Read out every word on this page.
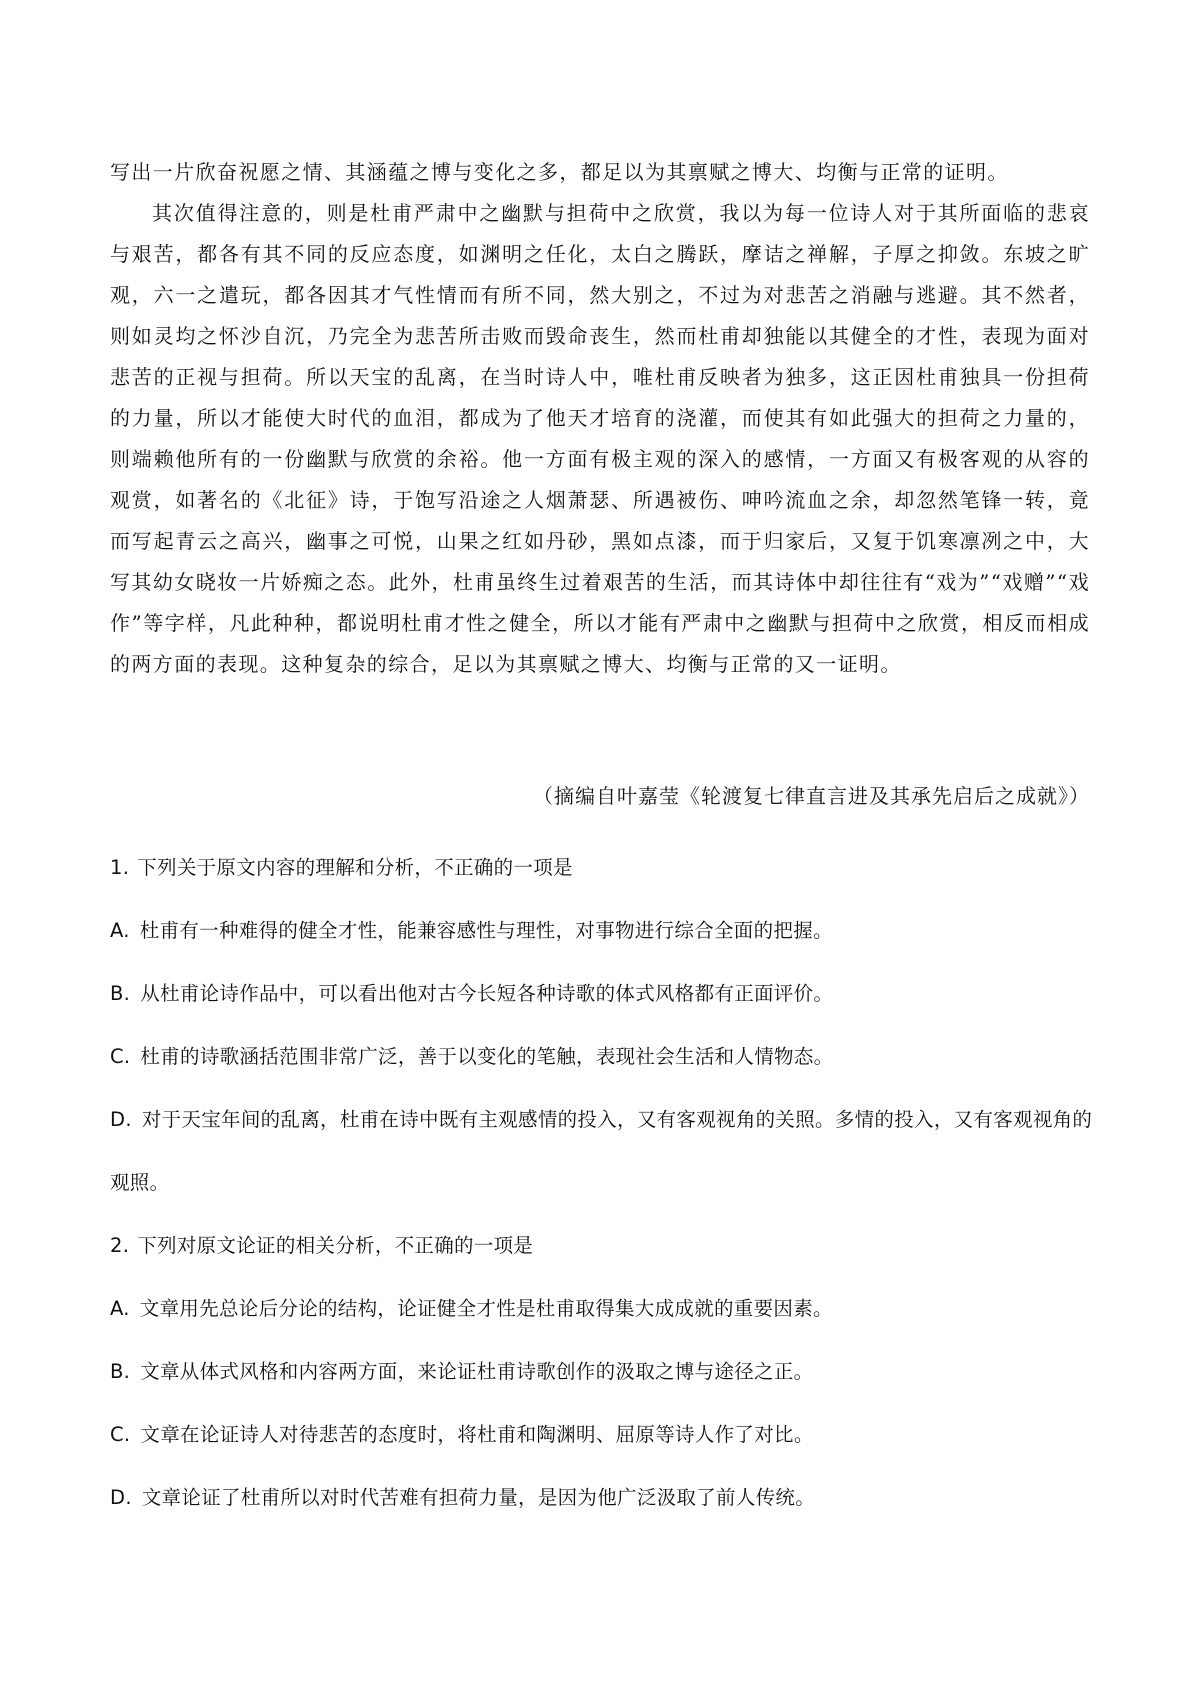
写出一片欣奋祝愿之情、其涵蕴之博与变化之多，都足以为其禀赋之博大、均衡与正常的证明。

其次值得注意的，则是杜甫严肃中之幽默与担荷中之欣赏，我以为每一位诗人对于其所面临的悲哀与艰苦，都各有其不同的反应态度，如渊明之任化，太白之腾跃，摩诘之禅解，子厚之抑敛。东坡之旷观，六一之遣玩，都各因其才气性情而有所不同，然大别之，不过为对悲苦之消融与逃避。其不然者，则如灵均之怀沙自沉，乃完全为悲苦所击败而毁命丧生，然而杜甫却独能以其健全的才性，表现为面对悲苦的正视与担荷。所以天宝的乱离，在当时诗人中，唯杜甫反映者为独多，这正因杜甫独具一份担荷的力量，所以才能使大时代的血泪，都成为了他天才培育的浇灌，而使其有如此强大的担荷之力量的，则端赖他所有的一份幽默与欣赏的余裕。他一方面有极主观的深入的感情，一方面又有极客观的从容的观赏，如著名的《北征》诗，于饱写沿途之人烟萧瑟、所遇被伤、呻吟流血之余，却忽然笔锋一转，竟而写起青云之高兴，幽事之可悦，山果之红如丹砂，黑如点漆，而于归家后，又复于饥寒凛冽之中，大写其幼女晓妆一片娇痴之态。此外，杜甫虽终生过着艰苦的生活，而其诗体中却往往有“戏为”“戏赠”“戏作”等字样，凡此种种，都说明杜甫才性之健全，所以才能有严肃中之幽默与担荷中之欣赏，相反而相成的两方面的表现。这种复杂的综合，足以为其禀赋之博大、均衡与正常的又一证明。

（摘编自叶嘉莹《轮渡复七律直言进及其承先启后之成就》）

1. 下列关于原文内容的理解和分析，不正确的一项是

A. 杜甫有一种难得的健全才性，能兼容感性与理性，对事物进行综合全面的把握。

B. 从杜甫论诗作品中，可以看出他对古今长短各种诗歌的体式风格都有正面评价。

C. 杜甫的诗歌涵括范围非常广泛，善于以变化的笔触，表现社会生活和人情物态。

D. 对于天宝年间的乱离，杜甫在诗中既有主观感情的投入，又有客观视角的关照。多情的投入，又有客观视角的观照。

2. 下列对原文论证的相关分析，不正确的一项是

A. 文章用先总论后分论的结构，论证健全才性是杜甫取得集大成成就的重要因素。

B. 文章从体式风格和内容两方面，来论证杜甫诗歌创作的汲取之博与途径之正。

C. 文章在论证诗人对待悲苦的态度时，将杜甫和陶渊明、屈原等诗人作了对比。

D. 文章论证了杜甫所以对时代苦难有担荷力量，是因为他广泛汲取了前人传统。
